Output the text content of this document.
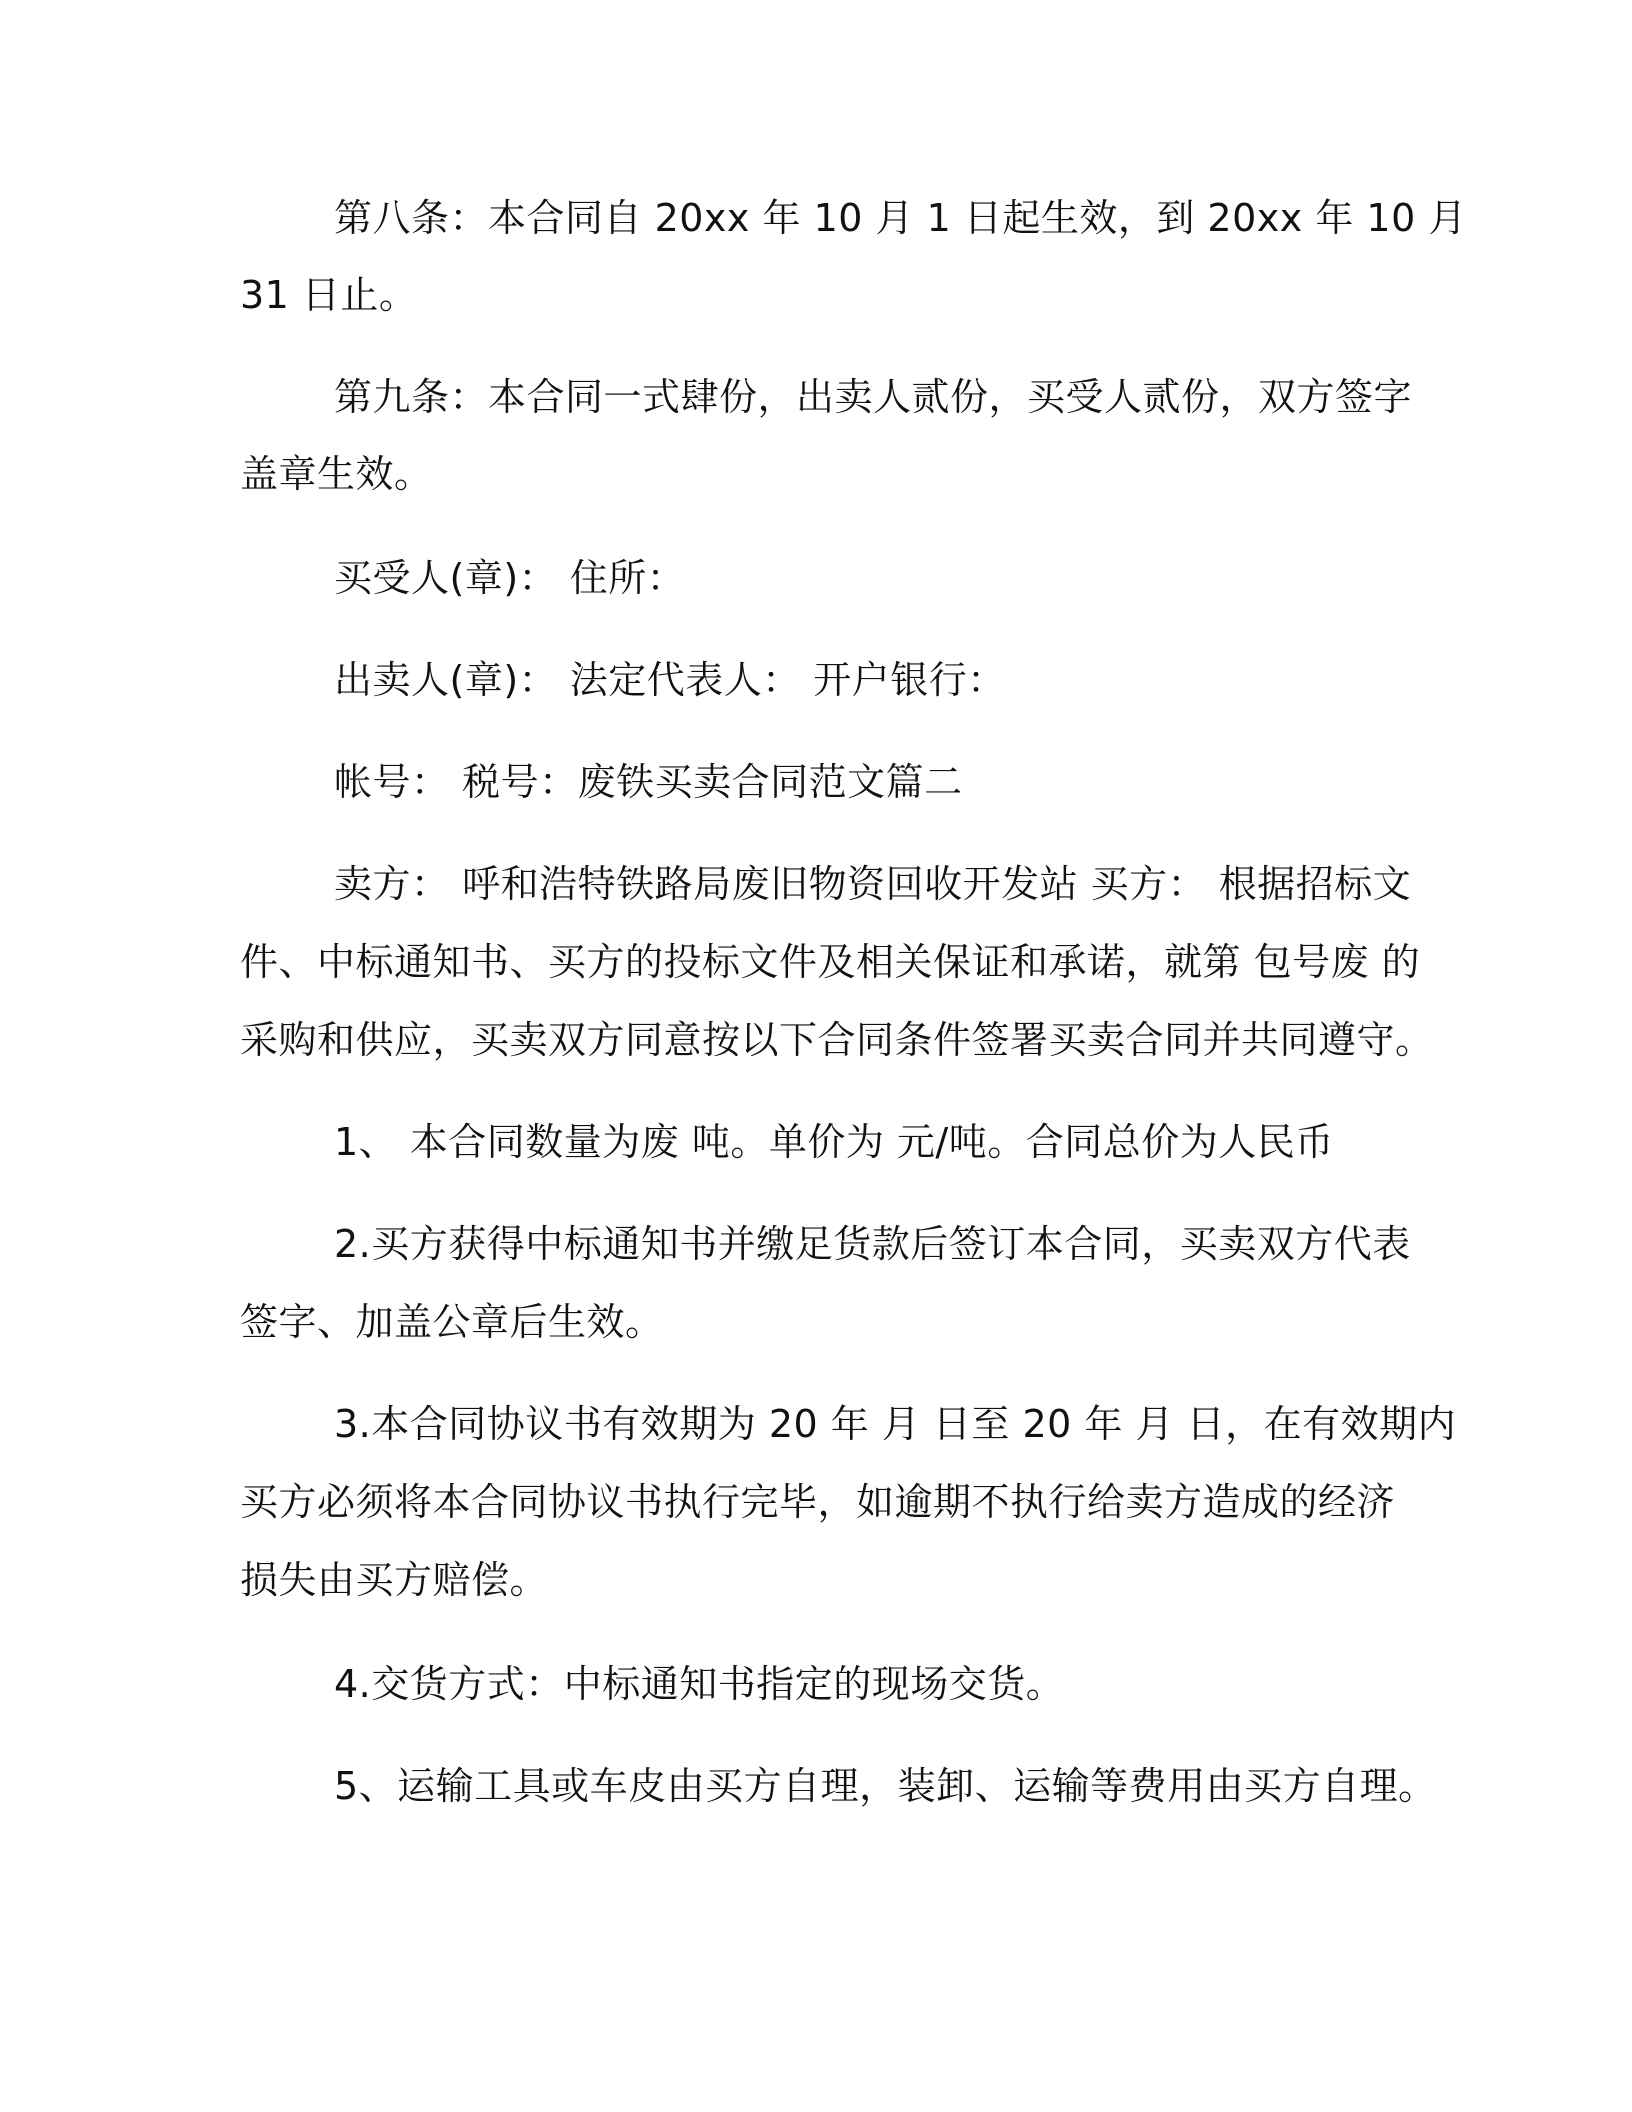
第八条：本合同自 20xx 年 10 月 1 日起生效，到 20xx 年 10 月
31 日止。
第九条：本合同一式肆份，出卖人贰份，买受人贰份，双方签字
盖章生效。
买受人(章)： 住所：
出卖人(章)： 法定代表人： 开户银行：
帐号： 税号：废铁买卖合同范文篇二
卖方： 呼和浩特铁路局废旧物资回收开发站 买方： 根据招标文
件、中标通知书、买方的投标文件及相关保证和承诺，就第 包号废 的
采购和供应，买卖双方同意按以下合同条件签署买卖合同并共同遵守。
1、 本合同数量为废 吨。单价为 元/吨。合同总价为人民币
2.买方获得中标通知书并缴足货款后签订本合同，买卖双方代表
签字、加盖公章后生效。
3.本合同协议书有效期为 20 年 月 日至 20 年 月 日，在有效期内
买方必须将本合同协议书执行完毕，如逾期不执行给卖方造成的经济
损失由买方赔偿。
4.交货方式：中标通知书指定的现场交货。
5、运输工具或车皮由买方自理，装卸、运输等费用由买方自理。
